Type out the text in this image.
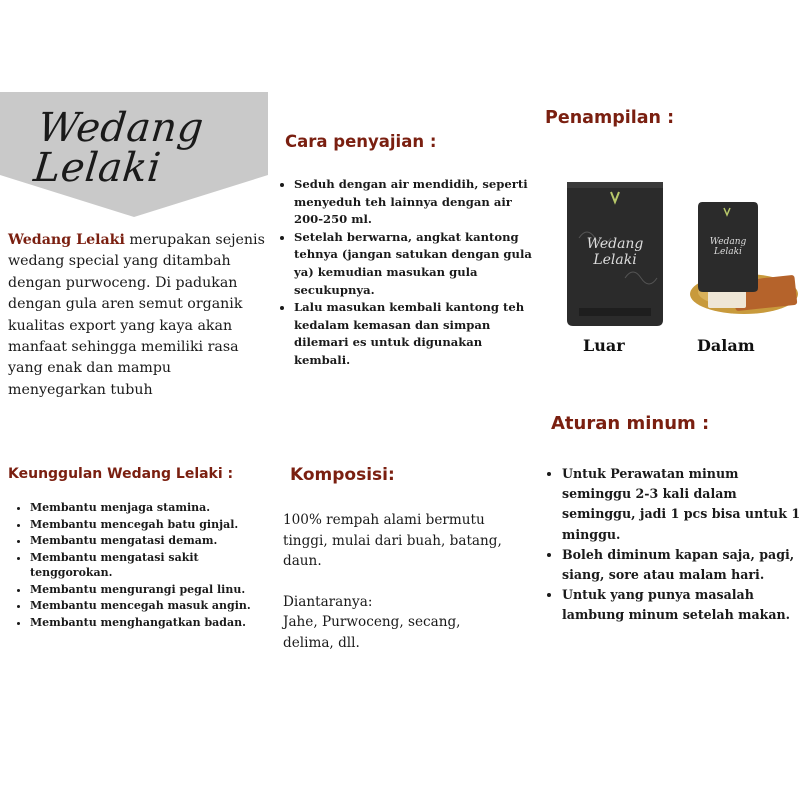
Wedang Lelaki
Wedang Lelaki merupakan sejenis wedang special yang ditambah dengan purwoceng. Di padukan dengan gula aren semut organik kualitas export yang kaya akan manfaat sehingga memiliki rasa yang enak dan mampu menyegarkan tubuh
Keunggulan Wedang Lelaki :
• Membantu menjaga stamina.
• Membantu mencegah batu ginjal.
• Membantu mengatasi demam.
• Membantu mengatasi sakit tenggorokan.
• Membantu mengurangi pegal linu.
• Membantu mencegah masuk angin.
• Membantu menghangatkan badan.
Cara penyajian :
• Seduh dengan air mendidih, seperti menyeduh teh lainnya dengan air 200-250 ml.
• Setelah berwarna, angkat kantong tehnya (jangan satukan dengan gula ya) kemudian masukan gula secukupnya.
• Lalu masukan kembali kantong teh kedalam kemasan dan simpan dilemari es untuk digunakan kembali.
Komposisi:

100% rempah alami bermutu tinggi, mulai dari buah, batang, daun.

Diantaranya:

Jahe, Purwoceng, secang, delima, dll.

Penampilan :
Wedang
Lelaki
Wedang
Lelaki
Luar	Dalam
Aturan minum :
• Untuk Perawatan minum seminggu 2-3 kali dalam seminggu, jadi 1 pcs bisa untuk 1 minggu.
• Boleh diminum kapan saja, pagi, siang, sore atau malam hari.
• Untuk yang punya masalah lambung minum setelah makan.
